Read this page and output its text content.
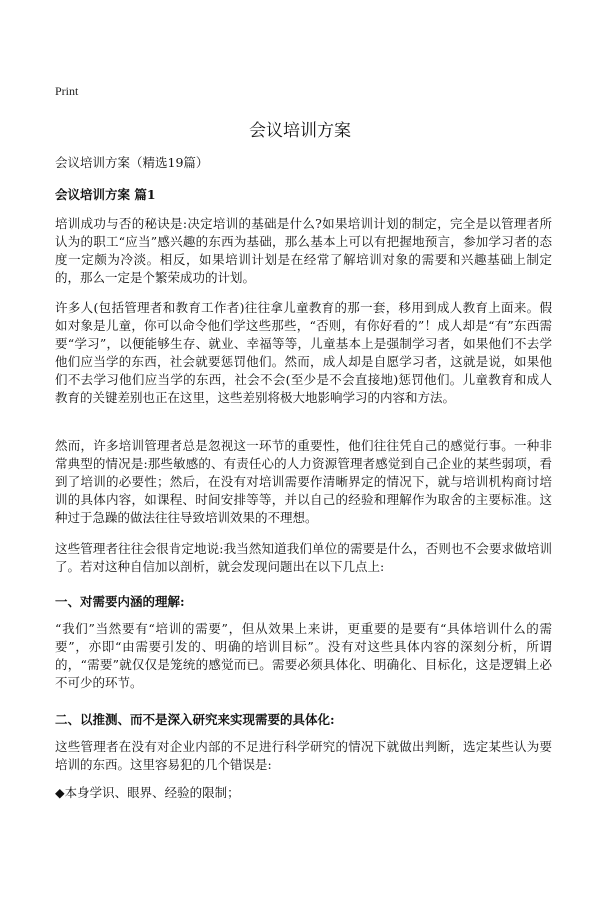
Print
会议培训方案
会议培训方案（精选19篇）
会议培训方案 篇1

培训成功与否的秘诀是:决定培训的基础是什么?如果培训计划的制定，完全是以管理者所认为的职工“应当”感兴趣的东西为基础，那么基本上可以有把握地预言，参加学习者的态度一定颇为冷淡。相反，如果培训计划是在经常了解培训对象的需要和兴趣基础上制定的，那么一定是个繁荣成功的计划。

许多人(包括管理者和教育工作者)往往拿儿童教育的那一套，移用到成人教育上面来。假如对象是儿童，你可以命令他们学这些那些，“否则，有你好看的”！成人却是“有”东西需要“学习”，以便能够生存、就业、幸福等等，儿童基本上是强制学习者，如果他们不去学他们应当学的东西，社会就要惩罚他们。然而，成人却是自愿学习者，这就是说，如果他们不去学习他们应当学的东西，社会不会(至少是不会直接地)惩罚他们。儿童教育和成人教育的关键差别也正在这里，这些差别将极大地影响学习的内容和方法。

然而，许多培训管理者总是忽视这一环节的重要性，他们往往凭自己的感觉行事。一种非常典型的情况是:那些敏感的、有责任心的人力资源管理者感觉到自己企业的某些弱项，看到了培训的必要性；然后，在没有对培训需要作清晰界定的情况下，就与培训机构商讨培训的具体内容，如课程、时间安排等等，并以自己的经验和理解作为取舍的主要标准。这种过于急躁的做法往往导致培训效果的不理想。

这些管理者往往会很肯定地说:我当然知道我们单位的需要是什么，否则也不会要求做培训了。若对这种自信加以剖析，就会发现问题出在以下几点上:

一、对需要内涵的理解:

“我们”当然要有“培训的需要”，但从效果上来讲，更重要的是要有“具体培训什么的需要”，亦即“由需要引发的、明确的培训目标”。没有对这些具体内容的深刻分析，所谓的，“需要”就仅仅是笼统的感觉而已。需要必须具体化、明确化、目标化，这是逻辑上必不可少的环节。

二、以推测、而不是深入研究来实现需要的具体化:

这些管理者在没有对企业内部的不足进行科学研究的情况下就做出判断，选定某些认为要培训的东西。这里容易犯的几个错误是:

◆本身学识、眼界、经验的限制；
